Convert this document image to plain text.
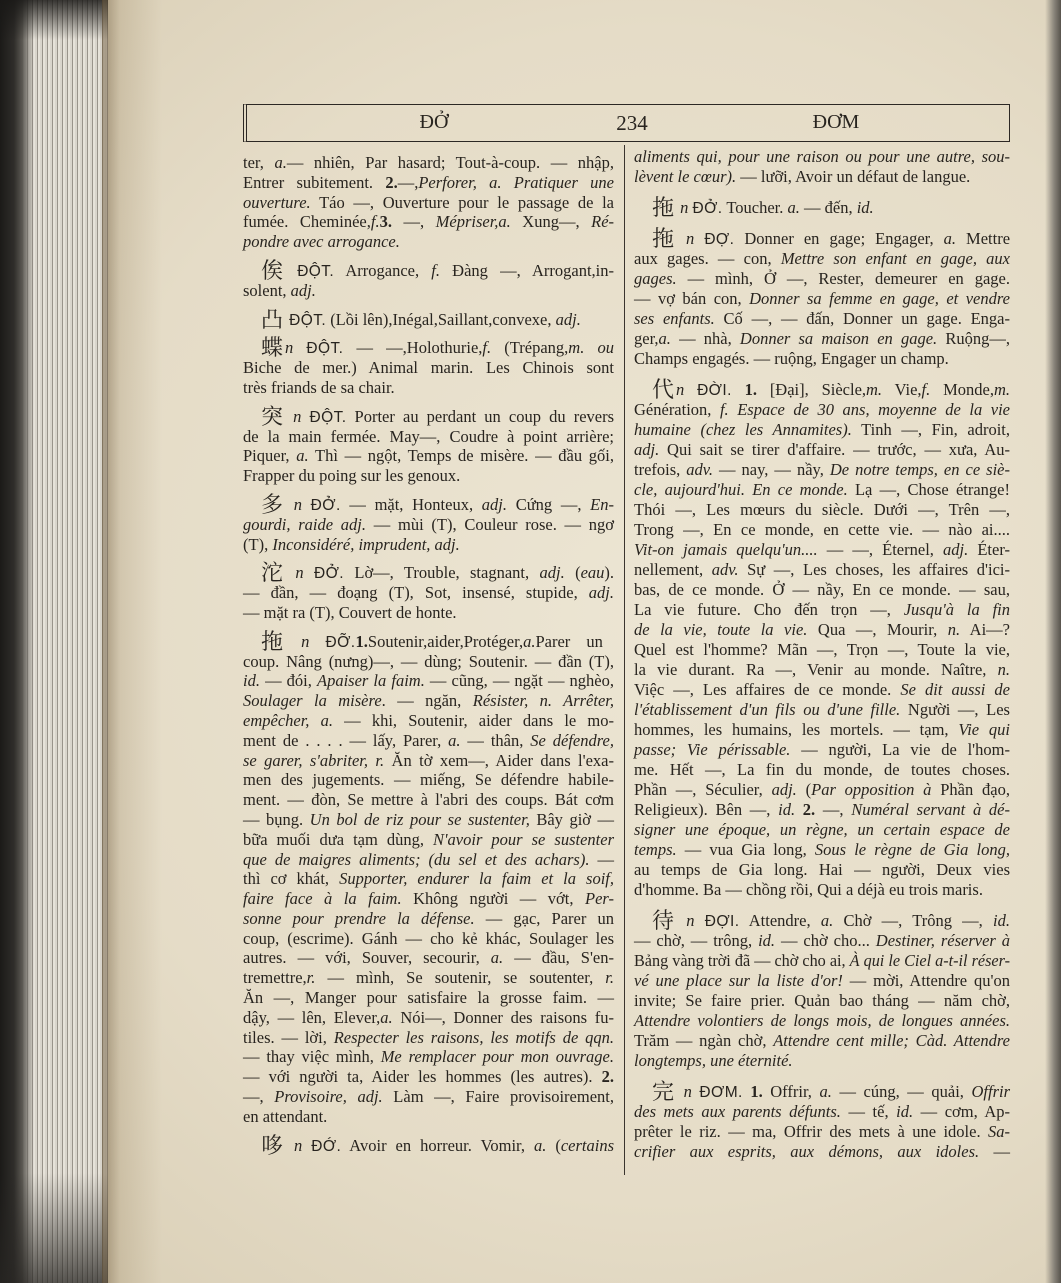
ĐỞ	234	ĐƠM
ter, a.— nhiên, Par hasard; Tout-à-coup. — nhập,
Entrer subitement. 2.—,Perforer, a. Pratiquer une
ouverture. Táo —, Ouverture pour le passage de la
fumée. Cheminée,f.3. —, Mépriser,a. Xung—, Ré-
pondre avec arrogance.
俟 ĐỘT. Arrogance, f. Đàng —, Arrogant,in-
solent, adj.
凸 ĐỘT. (Lồi lên),Inégal,Saillant,convexe, adj.
蝶 n ĐỘT. — —,Holothurie,f. (Trépang,m. ou
Biche de mer.) Animal marin. Les Chinois sont
très friands de sa chair.
突 n ĐỘT. Porter au perdant un coup du revers
de la main fermée. May—, Coudre à point arrière;
Piquer, a. Thì — ngột, Temps de misère. — đầu gối,
Frapper du poing sur les genoux.
多 n ĐỞ. — mặt, Honteux, adj. Cứng —, En-
gourdi, raide adj. — mùi (T), Couleur rose. — ngơ
(T), Inconsidéré, imprudent, adj.
沱 n ĐỞ. Lờ—, Trouble, stagnant, adj. (eau).
— đần, — đoạng (T), Sot, insensé, stupide, adj.
— mặt ra (T), Couvert de honte.
拖 n ĐỠ.1.Soutenir,aider,Protéger,a.Parer un
coup. Nâng (nưng)—, — dùng; Soutenir. — đần (T),
id. — đói, Apaiser la faim. — cũng, — ngặt — nghèo,
Soulager la misère. — ngăn, Résister, n. Arrêter,
empêcher, a. — khi, Soutenir, aider dans le mo-
ment de . . . . — lấy, Parer, a. — thân, Se défendre,
se garer, s'abriter, r. Ăn tờ xem—, Aider dans l'exa-
men des jugements. — miếng, Se défendre habile-
ment. — đòn, Se mettre à l'abri des coups. Bát cơm
— bụng. Un bol de riz pour se sustenter, Bây giờ —
bữa muối dưa tạm dùng, N'avoir pour se sustenter
que de maigres aliments; (du sel et des achars). —
thì cơ khát, Supporter, endurer la faim et la soif,
faire face à la faim. Không người — vớt, Per-
sonne pour prendre la défense. — gạc, Parer un
coup, (escrime). Gánh — cho kẻ khác, Soulager les
autres. — với, Souver, secourir, a. — đầu, S'en-
tremettre,r. — mình, Se soutenir, se soutenter, r.
Ăn —, Manger pour satisfaire la grosse faim. —
dậy, — lên, Elever,a. Nói—, Donner des raisons fu-
tiles. — lời, Respecter les raisons, les motifs de qqn.
— thay việc mình, Me remplacer pour mon ouvrage.
— với người ta, Aider les hommes (les autres). 2.
—, Provisoire, adj. Làm —, Faire provisoirement,
en attendant.
哆 n ĐỚ. Avoir en horreur. Vomir, a. (certains
aliments qui, pour une raison ou pour une autre, sou-
lèvent le cœur). — lưỡi, Avoir un défaut de langue.
拖 n ĐỞ. Toucher. a. — đến, id.
拖 n ĐỢ. Donner en gage; Engager, a. Mettre
aux gages. — con, Mettre son enfant en gage, aux
gages. — mình, Ở —, Rester, demeurer en gage.
— vợ bán con, Donner sa femme en gage, et vendre
ses enfants. Cố —, — đấn, Donner un gage. Enga-
ger,a. — nhà, Donner sa maison en gage. Ruộng—,
Champs engagés. — ruộng, Engager un champ.
代 n ĐỜI. 1. [Đại], Siècle,m. Vie,f. Monde,m.
Génération, f. Espace de 30 ans, moyenne de la vie
humaine (chez les Annamites). Tinh —, Fin, adroit,
adj. Qui sait se tirer d'affaire. — trước, — xưa, Au-
trefois, adv. — nay, — nầy, De notre temps, en ce siè-
cle, aujourd'hui. En ce monde. Lạ —, Chose étrange!
Thói —, Les mœurs du siècle. Dưới —, Trên —,
Trong —, En ce monde, en cette vie. — nào ai....
Vit-on jamais quelqu'un.... — —, Éternel, adj. Éter-
nellement, adv. Sự —, Les choses, les affaires d'ici-
bas, de ce monde. Ở — nầy, En ce monde. — sau,
La vie future. Cho đến trọn —, Jusqu'à la fin
de la vie, toute la vie. Qua —, Mourir, n. Ai—?
Quel est l'homme? Mãn —, Trọn —, Toute la vie,
la vie durant. Ra —, Venir au monde. Naître, n.
Việc —, Les affaires de ce monde. Se dit aussi de
l'établissement d'un fils ou d'une fille. Người —, Les
hommes, les humains, les mortels. — tạm, Vie qui
passe; Vie périssable. — người, La vie de l'hom-
me. Hết —, La fin du monde, de toutes choses.
Phần —, Séculier, adj. (Par opposition à Phần đạo,
Religieux). Bên —, id. 2. —, Numéral servant à dé-
signer une époque, un règne, un certain espace de
temps. — vua Gia long, Sous le règne de Gia long,
au temps de Gia long. Hai — người, Deux vies
d'homme. Ba — chồng rồi, Qui a déjà eu trois maris.
待 n ĐỢI. Attendre, a. Chờ —, Trông —, id.
— chờ, — trông, id. — chờ cho... Destiner, réserver à
Bảng vàng trời đã — chờ cho ai, À qui le Ciel a-t-il réser-
vé une place sur la liste d'or! — mời, Attendre qu'on
invite; Se faire prier. Quản bao tháng — năm chờ,
Attendre volontiers de longs mois, de longues années.
Trăm — ngàn chờ, Attendre cent mille; Càd. Attendre
longtemps, une éternité.
完 n ĐƠM. 1. Offrir, a. — cúng, — quải, Offrir
des mets aux parents défunts. — tế, id. — cơm, Ap-
prêter le riz. — ma, Offrir des mets à une idole. Sa-
crifier aux esprits, aux démons, aux idoles. —
